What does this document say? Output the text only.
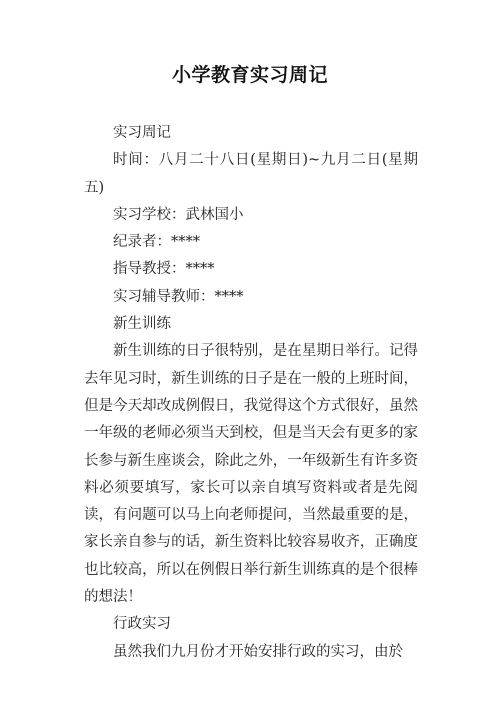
小学教育实习周记

实习周记

时间：八月二十八日(星期日)~九月二日(星期五)

实习学校：武林国小

纪录者：****

指导教授：****

实习辅导教师：****

新生训练

新生训练的日子很特别，是在星期日举行。记得去年见习时，新生训练的日子是在一般的上班时间，但是今天却改成例假日，我觉得这个方式很好，虽然一年级的老师必须当天到校，但是当天会有更多的家长参与新生座谈会，除此之外，一年级新生有许多资料必须要填写，家长可以亲自填写资料或者是先阅读，有问题可以马上向老师提问，当然最重要的是，家长亲自参与的话，新生资料比较容易收齐，正确度也比较高，所以在例假日举行新生训练真的是个很棒的想法！

行政实习

虽然我们九月份才开始安排行政的实习，由於
